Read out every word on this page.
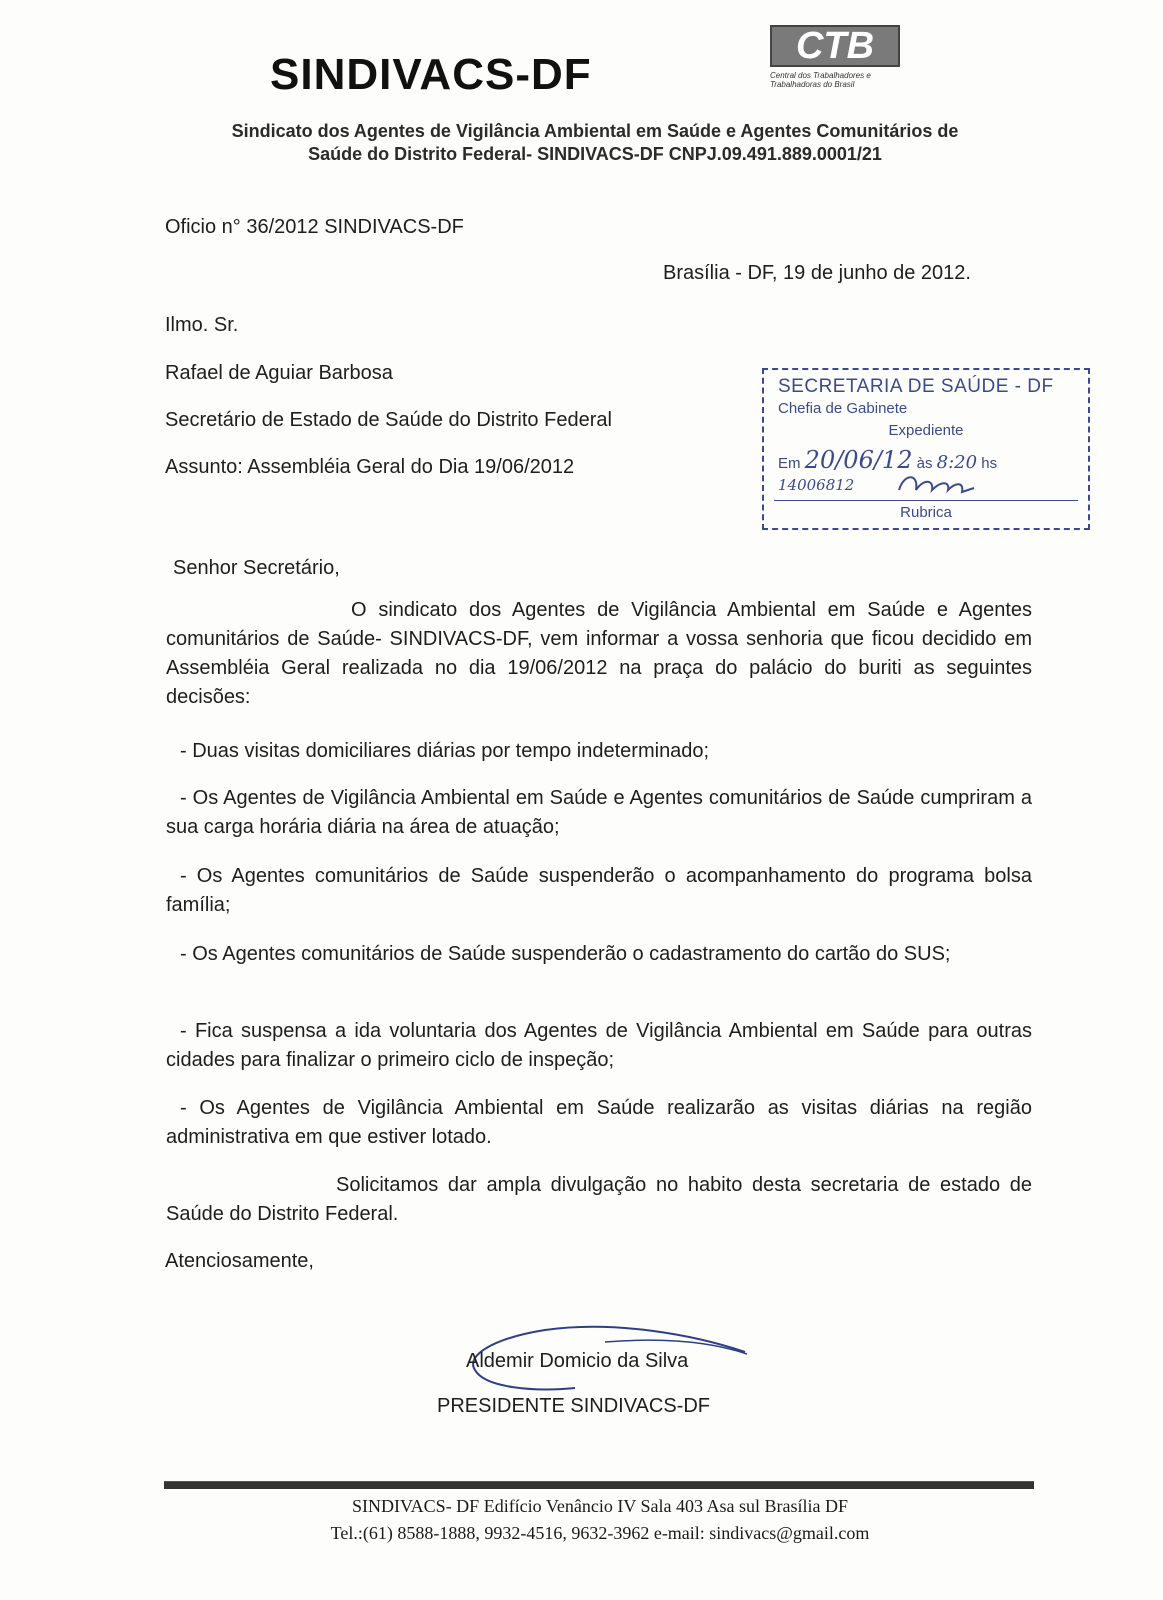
SINDIVACS-DF
CTB
Central dos Trabalhadores e Trabalhadoras do Brasil
Sindicato dos Agentes de Vigilância Ambiental em Saúde e Agentes Comunitários de
Saúde do Distrito Federal- SINDIVACS-DF CNPJ.09.491.889.0001/21
Oficio n° 36/2012 SINDIVACS-DF
Brasília - DF, 19 de junho de 2012.
Ilmo. Sr.
Rafael de Aguiar Barbosa
Secretário de Estado de Saúde do Distrito Federal
Assunto: Assembléia Geral do Dia 19/06/2012
SECRETARIA DE SAÚDE - DF
Chefia de Gabinete
Expediente
Em 20/06/12 às 8:20 hs
14006812
Rubrica
Senhor Secretário,
O sindicato dos Agentes de Vigilância Ambiental em Saúde e Agentes comunitários de Saúde- SINDIVACS-DF, vem informar a vossa senhoria que ficou decidido em Assembléia Geral realizada no dia 19/06/2012 na praça do palácio do buriti as seguintes decisões:
- Duas visitas domiciliares diárias por tempo indeterminado;
- Os Agentes de Vigilância Ambiental em Saúde e Agentes comunitários de Saúde cumpriram a sua carga horária diária na área de atuação;
- Os Agentes comunitários de Saúde suspenderão o acompanhamento do programa bolsa família;
- Os Agentes comunitários de Saúde suspenderão o cadastramento do cartão do SUS;
- Fica suspensa a ida voluntaria dos Agentes de Vigilância Ambiental em Saúde para outras cidades para finalizar o primeiro ciclo de inspeção;
- Os Agentes de Vigilância Ambiental em Saúde realizarão as visitas diárias na região administrativa em que estiver lotado.
Solicitamos dar ampla divulgação no habito desta secretaria de estado de Saúde do Distrito Federal.
Atenciosamente,
Aldemir Domicio da Silva
PRESIDENTE SINDIVACS-DF
SINDIVACS- DF Edifício Venâncio IV Sala 403 Asa sul Brasília DF
Tel.:(61) 8588-1888, 9932-4516, 9632-3962 e-mail: sindivacs@gmail.com
